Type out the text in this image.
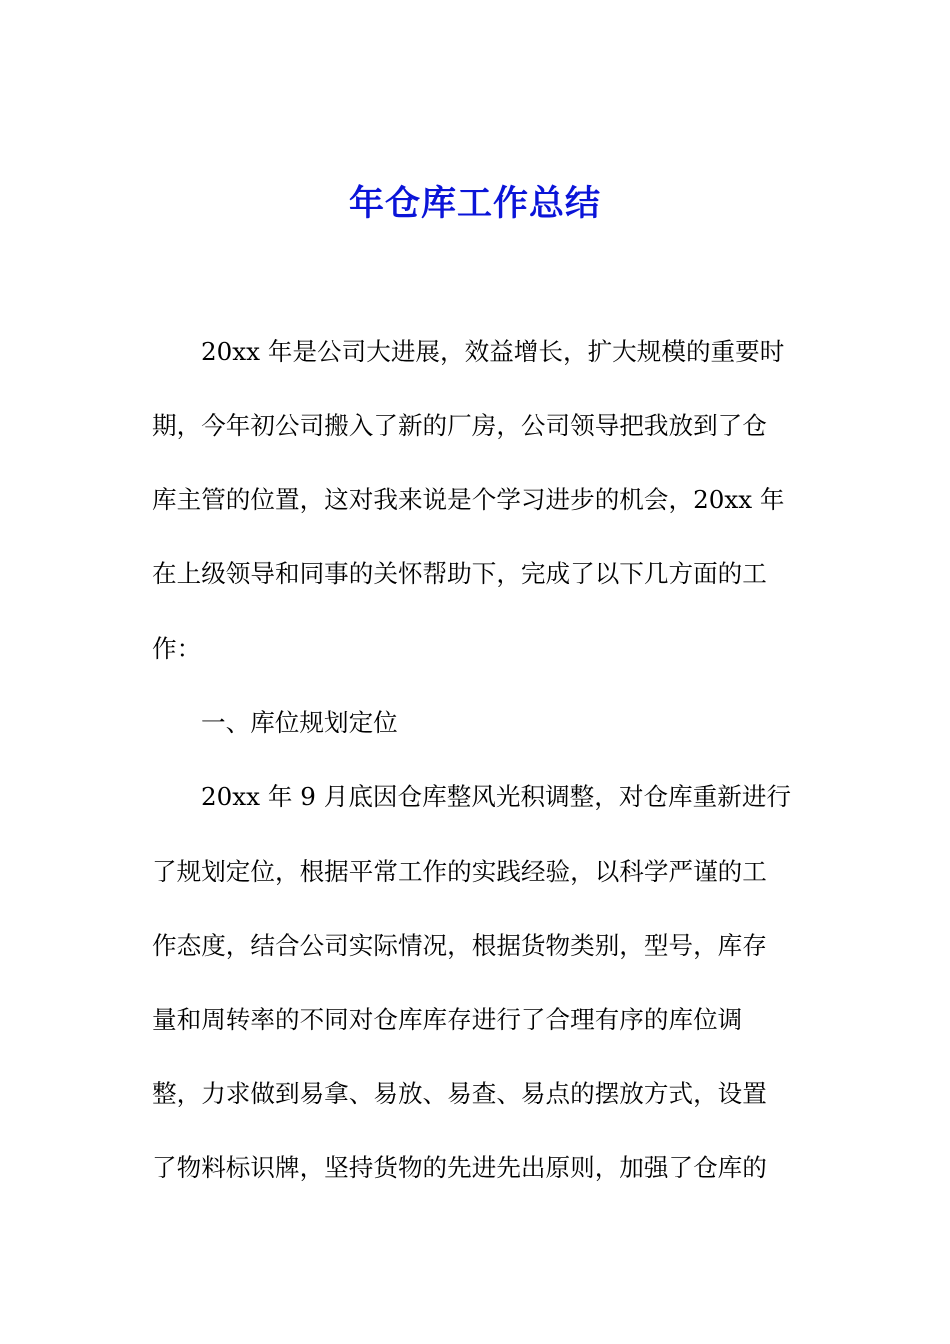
年仓库工作总结
20xx 年是公司大进展，效益增长，扩大规模的重要时
期，今年初公司搬入了新的厂房，公司领导把我放到了仓
库主管的位置，这对我来说是个学习进步的机会，20xx 年
在上级领导和同事的关怀帮助下，完成了以下几方面的工
作：
一、库位规划定位
20xx 年 9 月底因仓库整风光积调整，对仓库重新进行
了规划定位，根据平常工作的实践经验，以科学严谨的工
作态度，结合公司实际情况，根据货物类别，型号，库存
量和周转率的不同对仓库库存进行了合理有序的库位调
整，力求做到易拿、易放、易查、易点的摆放方式，设置
了物料标识牌，坚持货物的先进先出原则，加强了仓库的
